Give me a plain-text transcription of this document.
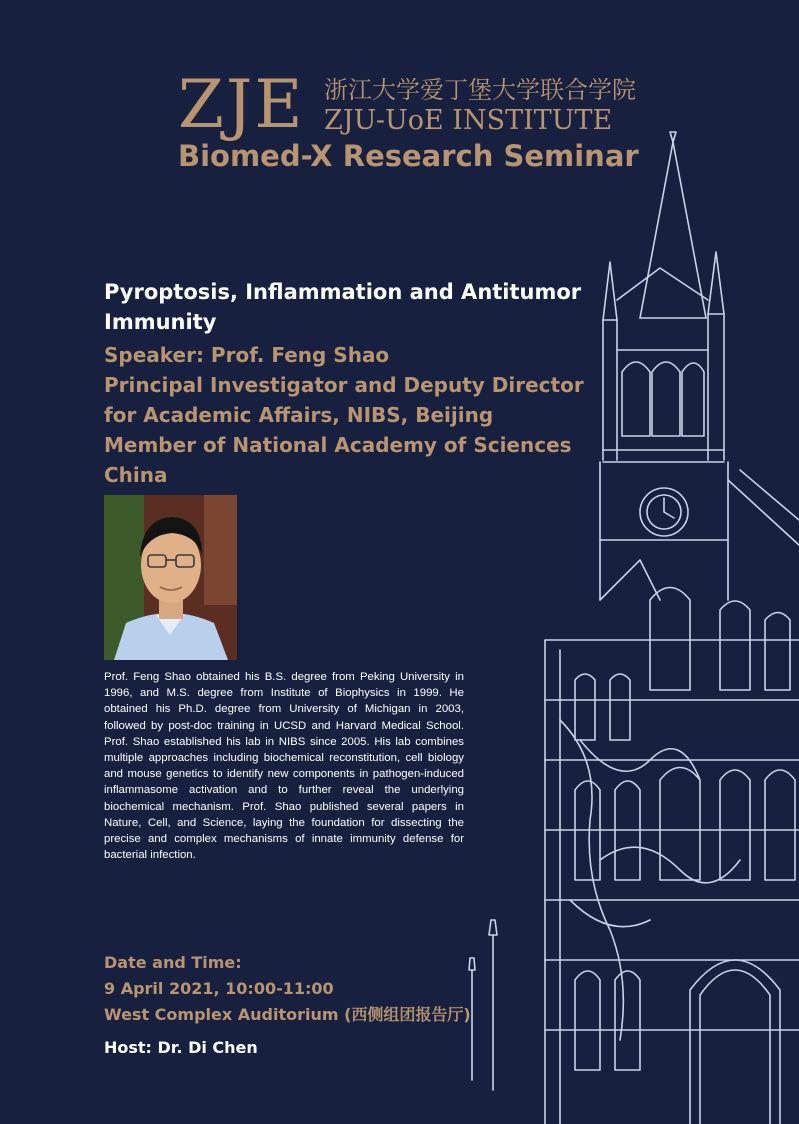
ZJE 浙江大学爱丁堡大学联合学院
ZJU-UoE INSTITUTE
Biomed-X Research Seminar
Pyroptosis, Inflammation and Antitumor
Immunity
Speaker: Prof. Feng Shao
Principal Investigator and Deputy Director
for Academic Affairs, NIBS, Beijing
Member of National Academy of Sciences
China
Prof. Feng Shao obtained his B.S. degree from Peking University in 1996, and M.S. degree from Institute of Biophysics in 1999. He obtained his Ph.D. degree from University of Michigan in 2003, followed by post-doc training in UCSD and Harvard Medical School. Prof. Shao established his lab in NIBS since 2005. His lab combines multiple approaches including biochemical reconstitution, cell biology and mouse genetics to identify new components in pathogen-induced inflammasome activation and to further reveal the underlying biochemical mechanism. Prof. Shao published several papers in Nature, Cell, and Science, laying the foundation for dissecting the precise and complex mechanisms of innate immunity defense for bacterial infection.
Date and Time:
9 April 2021, 10:00-11:00
West Complex Auditorium (西侧组团报告厅)
Host: Dr. Di Chen
